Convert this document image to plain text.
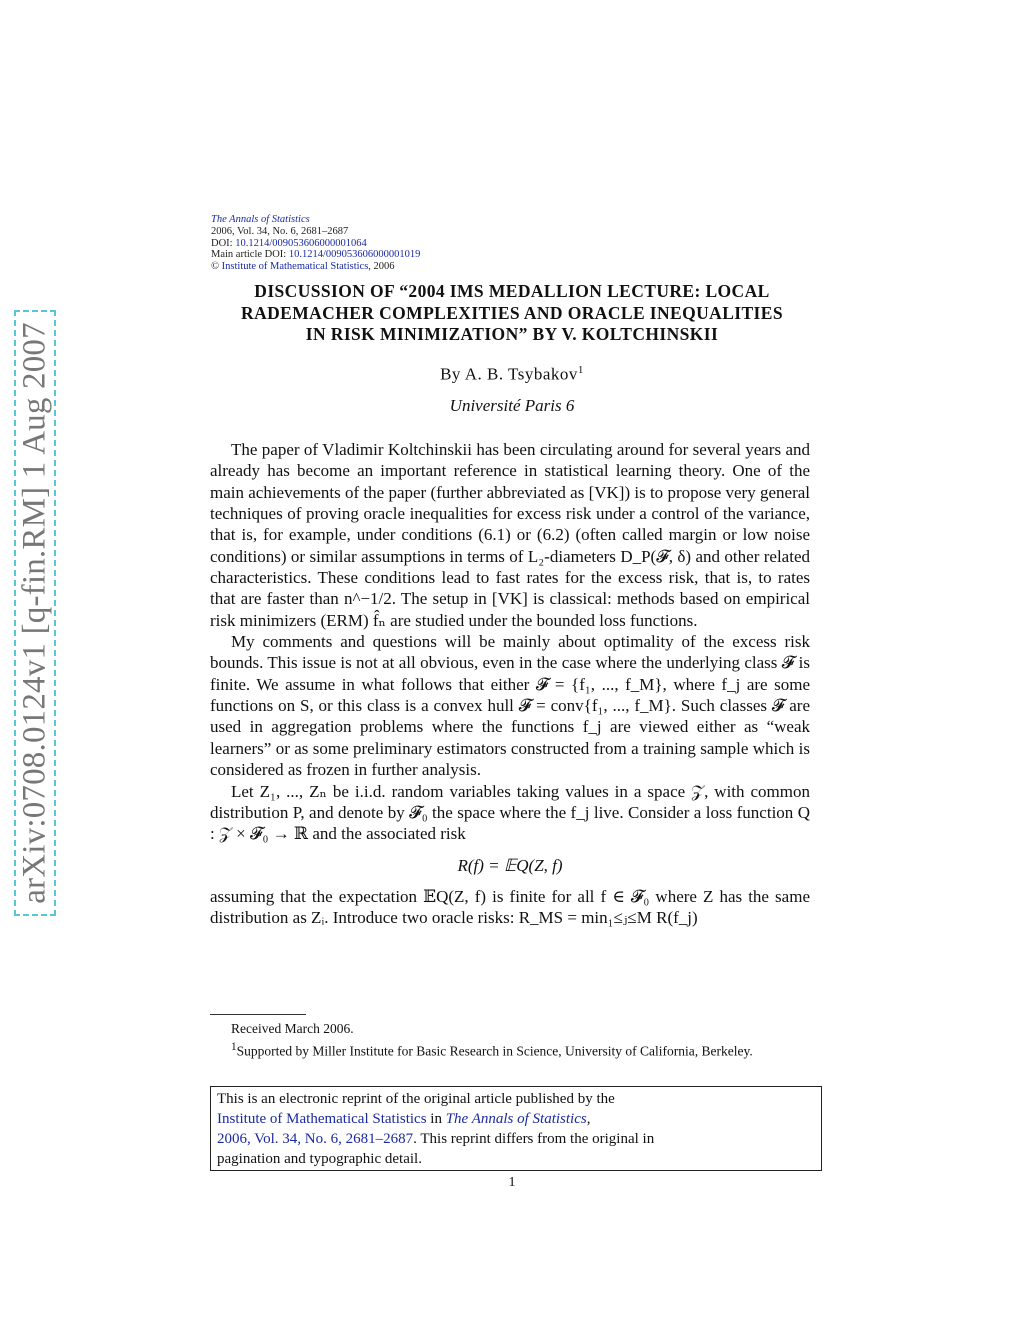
arXiv:0708.0124v1 [q-fin.RM] 1 Aug 2007
The Annals of Statistics
2006, Vol. 34, No. 6, 2681–2687
DOI: 10.1214/009053606000001064
Main article DOI: 10.1214/009053606000001019
© Institute of Mathematical Statistics, 2006
DISCUSSION OF “2004 IMS MEDALLION LECTURE: LOCAL
RADEMACHER COMPLEXITIES AND ORACLE INEQUALITIES
IN RISK MINIMIZATION” BY V. KOLTCHINSKII
By A. B. Tsybakov$^1$
Université Paris 6

The paper of Vladimir Koltchinskii has been circulating around for several years and already has become an important reference in statistical learning theory. One of the main achievements of the paper (further abbreviated as [VK]) is to propose very general techniques of proving oracle inequalities for excess risk under a control of the variance, that is, for example, under conditions (6.1) or (6.2) (often called margin or low noise conditions) or similar assumptions in terms of L₂-diameters D_P(𝓕, δ) and other related characteristics. These conditions lead to fast rates for the excess risk, that is, to rates that are faster than n^−1/2. The setup in [VK] is classical: methods based on empirical risk minimizers (ERM) f̂ₙ are studied under the bounded loss functions.

My comments and questions will be mainly about optimality of the excess risk bounds. This issue is not at all obvious, even in the case where the underlying class 𝓕 is finite. We assume in what follows that either 𝓕 = {f₁, ..., f_M}, where f_j are some functions on S, or this class is a convex hull 𝓕 = conv{f₁, ..., f_M}. Such classes 𝓕 are used in aggregation problems where the functions f_j are viewed either as “weak learners” or as some preliminary estimators constructed from a training sample which is considered as frozen in further analysis.

Let Z₁, ..., Zₙ be i.i.d. random variables taking values in a space 𝒵, with common distribution P, and denote by 𝓕₀ the space where the f_j live. Consider a loss function Q : 𝒵 × 𝓕₀ → ℝ and the associated risk

R(f) = 𝔼Q(Z, f)

assuming that the expectation 𝔼Q(Z, f) is finite for all f ∈ 𝓕₀ where Z has the same distribution as Zᵢ. Introduce two oracle risks: R_MS = min₁≤ⱼ≤M R(f_j)

Received March 2006.

$^1$Supported by Miller Institute for Basic Research in Science, University of California, Berkeley.

This is an electronic reprint of the original article published by the

Institute of Mathematical Statistics in The Annals of Statistics,

2006, Vol. 34, No. 6, 2681–2687. This reprint differs from the original in

pagination and typographic detail.

1
